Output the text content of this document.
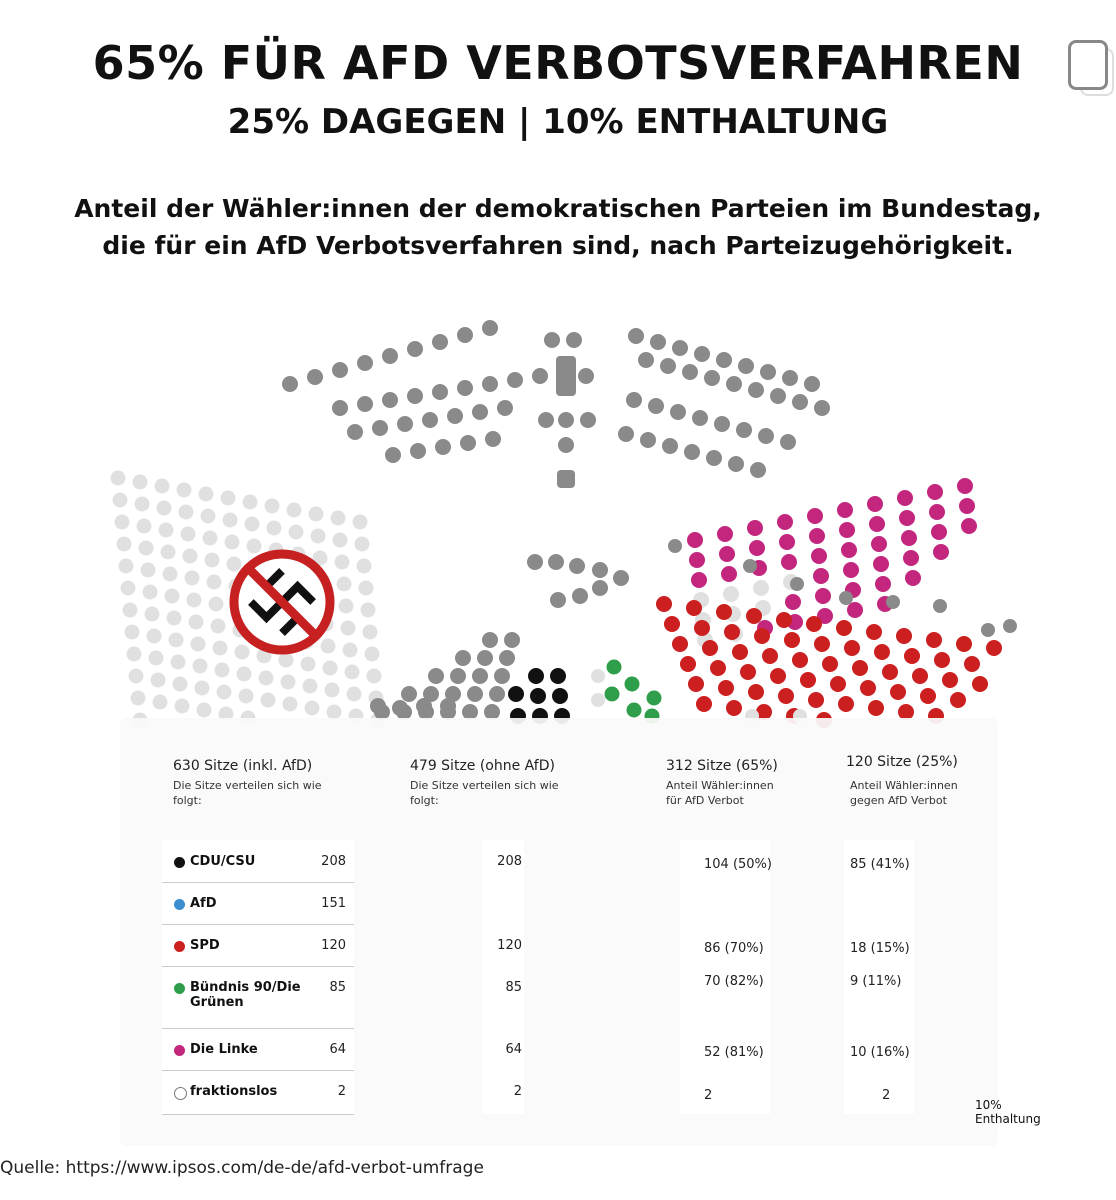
65% FÜR AFD VERBOTSVERFAHREN
25% DAGEGEN | 10% ENTHALTUNG
Anteil der Wähler:innen der demokratischen Parteien im Bundestag,
die für ein AfD Verbotsverfahren sind, nach Parteizugehörigkeit.
630 Sitze (inkl. AfD)
Die Sitze verteilen sich wie
folgt:
479 Sitze (ohne AfD)
Die Sitze verteilen sich wie
folgt:
312 Sitze (65%)
Anteil Wähler:innen
für AfD Verbot
120 Sitze (25%)
Anteil Wähler:innen
gegen AfD Verbot
CDU/CSU	208	208	104 (50%)	85 (41%)
AfD	151
SPD	120	120	86 (70%)	18 (15%)
Bündnis 90/Die
Grünen
85	85	70 (82%)	9 (11%)
Die Linke	64	64	52 (81%)	10 (16%)
fraktionslos	2	2	2	2
10% Enthaltung
Quelle: https://www.ipsos.com/de-de/afd-verbot-umfrage
